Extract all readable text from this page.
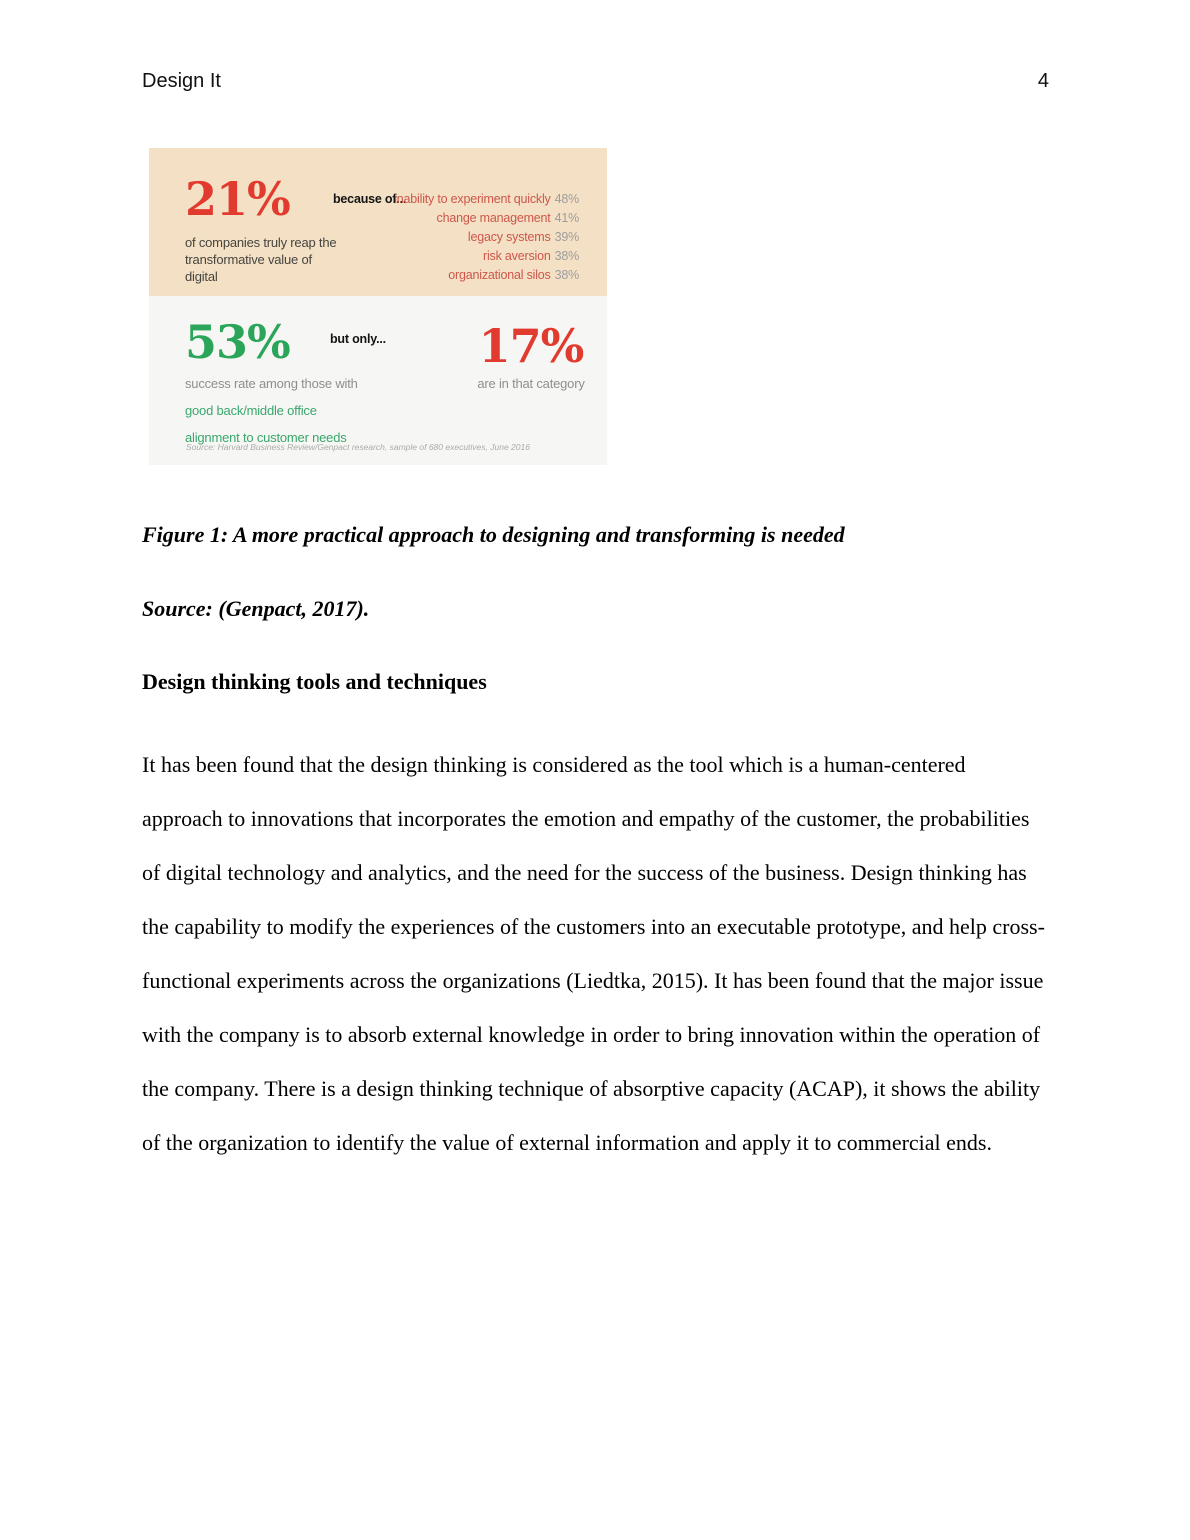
Design It	4
21%
of companies truly reap the transformative value of digital
because of...
inability to experiment quickly 48%
change management 41%
legacy systems 39%
risk aversion 38%
organizational silos 38%
53%
success rate among those with
good back/middle office
alignment to customer needs
but only... 17%
are in that category
Source: Harvard Business Review/Genpact research, sample of 680 executives, June 2016

Figure 1: A more practical approach to designing and transforming is needed

Source: (Genpact, 2017).

Design thinking tools and techniques

It has been found that the design thinking is considered as the tool which is a human-centered approach to innovations that incorporates the emotion and empathy of the customer, the probabilities of digital technology and analytics, and the need for the success of the business. Design thinking has the capability to modify the experiences of the customers into an executable prototype, and help cross-functional experiments across the organizations (Liedtka, 2015). It has been found that the major issue with the company is to absorb external knowledge in order to bring innovation within the operation of the company. There is a design thinking technique of absorptive capacity (ACAP), it shows the ability of the organization to identify the value of external information and apply it to commercial ends.
